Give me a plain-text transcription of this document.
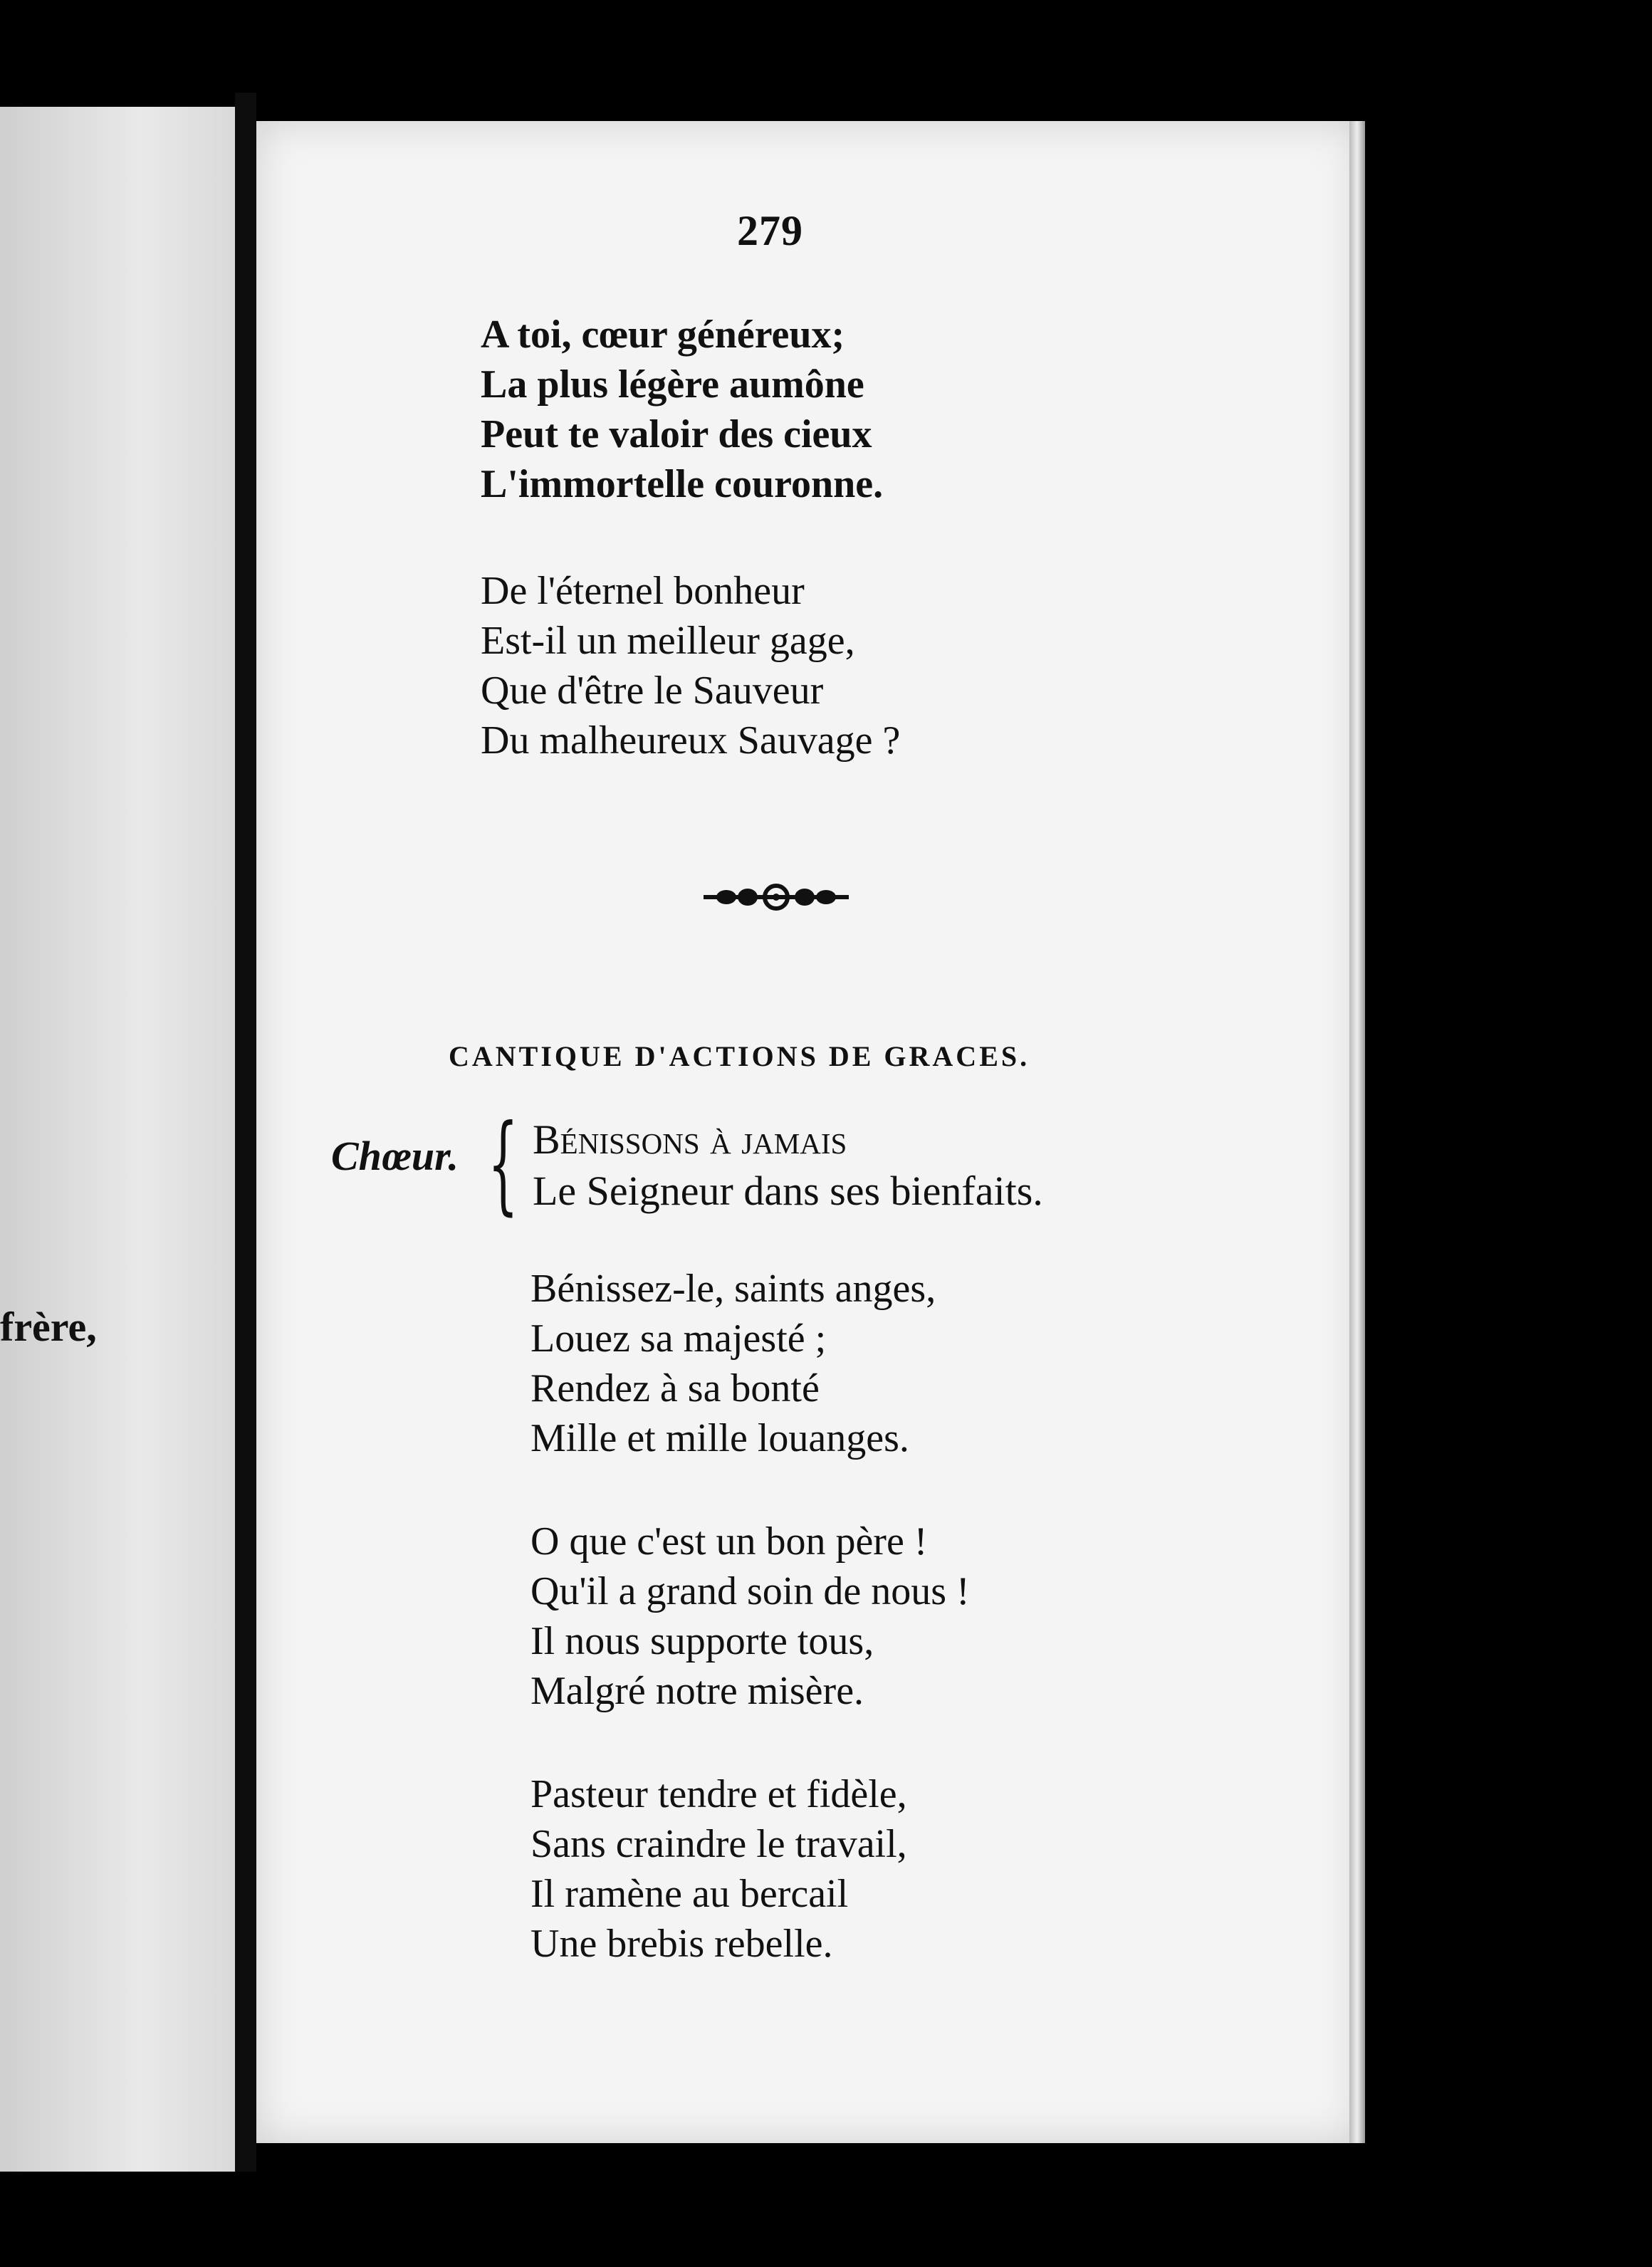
frère,
279
A toi, cœur généreux;
La plus légère aumône
Peut te valoir des cieux
L'immortelle couronne.
De l'éternel bonheur
Est-il un meilleur gage,
Que d'être le Sauveur
Du malheureux Sauvage ?
CANTIQUE D'ACTIONS DE GRACES.
Chœur. { Bénissons à jamais
Le Seigneur dans ses bienfaits.
Bénissez-le, saints anges,
Louez sa majesté ;
Rendez à sa bonté
Mille et mille louanges.
O que c'est un bon père !
Qu'il a grand soin de nous !
Il nous supporte tous,
Malgré notre misère.
Pasteur tendre et fidèle,
Sans craindre le travail,
Il ramène au bercail
Une brebis rebelle.
